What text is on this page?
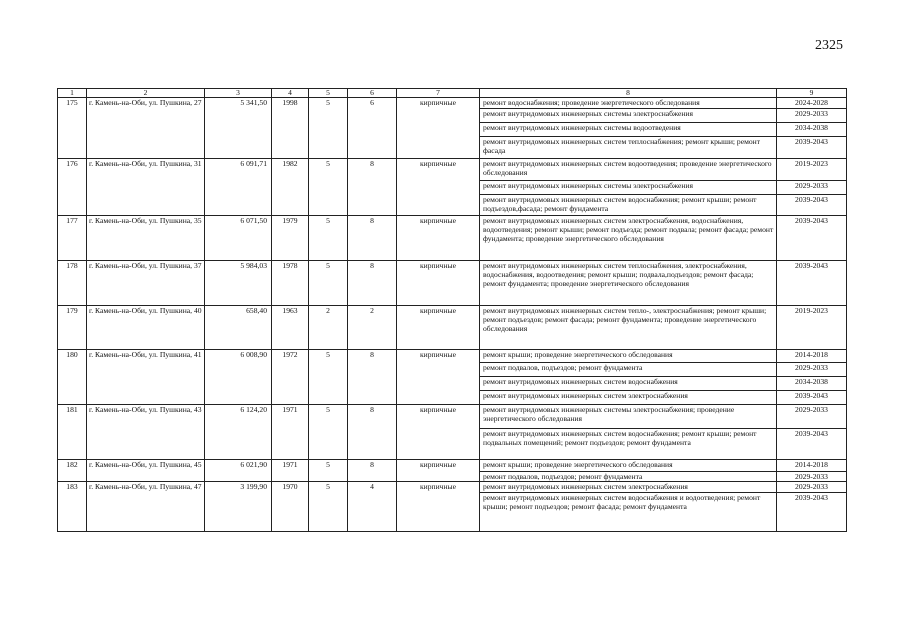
2325
1	2	3	4	5	6	7	8	9
175	г. Камень-на-Оби, ул. Пушкина, 27	5 341,50	1998	5	6	кирпичные	ремонт водоснабжения; проведение энергетического обследования	2024-2028
							ремонт внутридомовых инженерных системы электроснабжения	2029-2033
							ремонт внутридомовых инженерных системы водоотведения	2034-2038
							ремонт внутридомовых инженерных систем теплоснабжения; ремонт крыши; ремонт фасада	2039-2043
176	г. Камень-на-Оби, ул. Пушкина, 31	6 091,71	1982	5	8	кирпичные	ремонт внутридомовых инженерных систем водоотведения; проведение энергетического обследования	2019-2023
							ремонт внутридомовых инженерных системы электроснабжения	2029-2033
							ремонт внутридомовых инженерных систем водоснабжения; ремонт крыши; ремонт подъездов,фасада; ремонт фундамента	2039-2043
177	г. Камень-на-Оби, ул. Пушкина, 35	6 071,50	1979	5	8	кирпичные	ремонт внутридомовых инженерных систем электроснабжения, водоснабжения, водоотведения; ремонт крыши; ремонт подъезда; ремонт подвала; ремонт фасада; ремонт фундамента; проведение энергетического обследования	2039-2043
178	г. Камень-на-Оби, ул. Пушкина, 37	5 984,03	1978	5	8	кирпичные	ремонт внутридомовых инженерных систем теплоснабжения, электроснабжения, водоснабжения, водоотведения; ремонт крыши; подвала,подъездов; ремонт фасада; ремонт фундамента; проведение энергетического обследования	2039-2043
179	г. Камень-на-Оби, ул. Пушкина, 40	658,40	1963	2	2	кирпичные	ремонт внутридомовых инженерных систем тепло-, электроснабжения; ремонт крыши; ремонт подъездов; ремонт фасада; ремонт фундамента; проведение энергетического обследования	2019-2023
180	г. Камень-на-Оби, ул. Пушкина, 41	6 008,90	1972	5	8	кирпичные	ремонт крыши; проведение энергетического обследования	2014-2018
							ремонт подвалов, подъездов; ремонт фундамента	2029-2033
							ремонт внутридомовых инженерных систем водоснабжения	2034-2038
							ремонт внутридомовых инженерных систем электроснабжения	2039-2043
181	г. Камень-на-Оби, ул. Пушкина, 43	6 124,20	1971	5	8	кирпичные	ремонт внутридомовых инженерных системы электроснабжения; проведение энергетического обследования	2029-2033
							ремонт внутридомовых инженерных систем водоснабжения; ремонт крыши; ремонт подвальных помещений; ремонт подъездов; ремонт фундамента	2039-2043
182	г. Камень-на-Оби, ул. Пушкина, 45	6 021,90	1971	5	8	кирпичные	ремонт крыши; проведение энергетического обследования	2014-2018
							ремонт подвалов, подъездов; ремонт фундамента	2029-2033
183	г. Камень-на-Оби, ул. Пушкина, 47	3 199,90	1970	5	4	кирпичные	ремонт внутридомовых инженерных систем электроснабжения	2029-2033
							ремонт внутридомовых инженерных систем водоснабжения и водоотведения; ремонт крыши; ремонт подъездов; ремонт фасада; ремонт фундамента	2039-2043
